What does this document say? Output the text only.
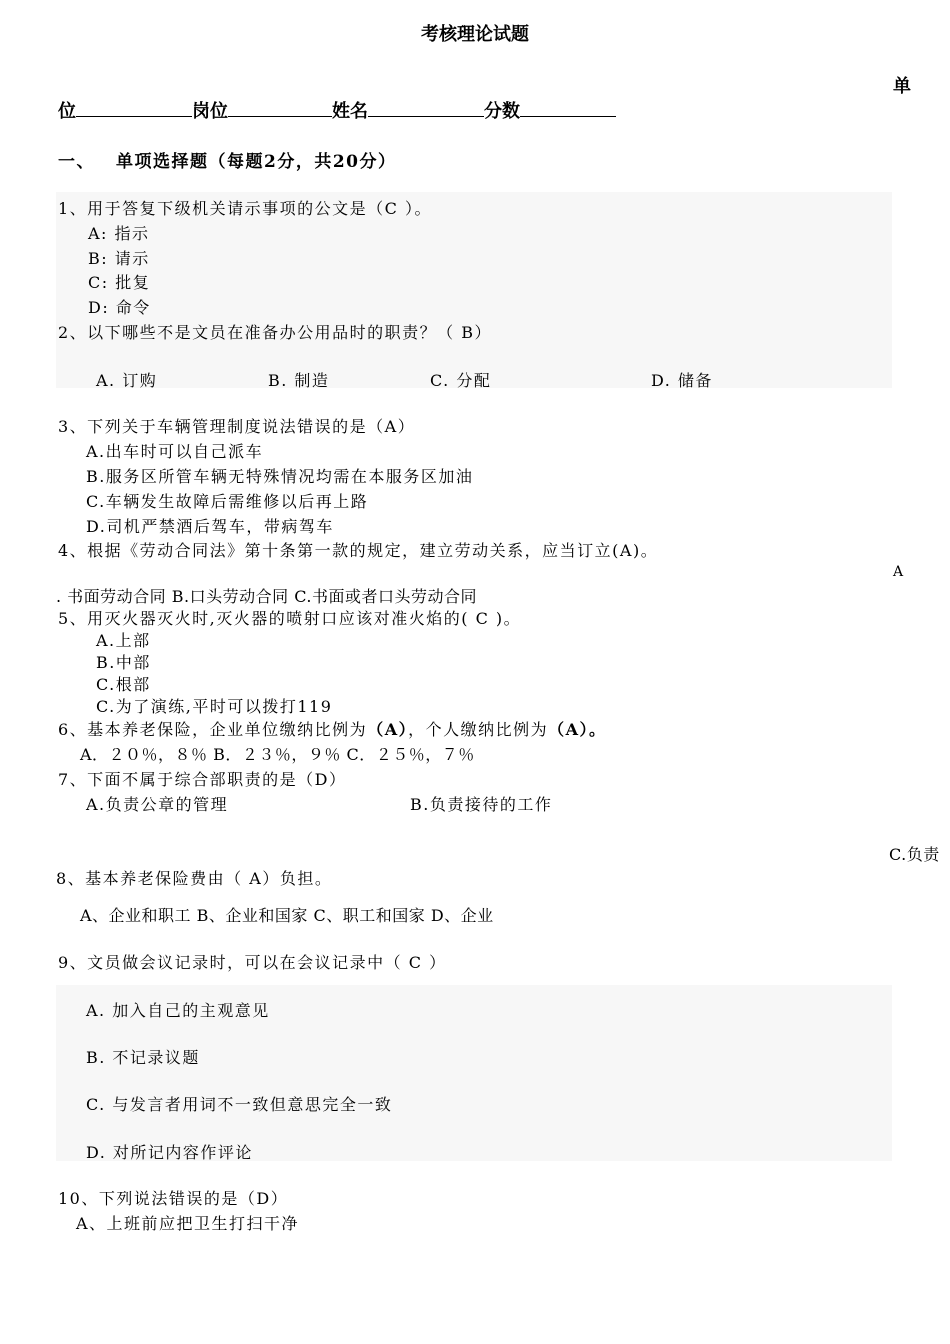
考核理论试题
单
位	岗位	姓名	分数
一、 单项选择题（每题2分，共20分）
1、用于答复下级机关请示事项的公文是（C ）。
A: 指示
B: 请示
C: 批复
D: 命令
2、以下哪些不是文员在准备办公用品时的职责？（ B）
A. 订购	B. 制造	C. 分配	D. 储备
3、下列关于车辆管理制度说法错误的是（A）
A.出车时可以自己派车
B.服务区所管车辆无特殊情况均需在本服务区加油
C.车辆发生故障后需维修以后再上路
D.司机严禁酒后驾车，带病驾车
4、根据《劳动合同法》第十条第一款的规定，建立劳动关系，应当订立(A)。
A
. 书面劳动合同 B.口头劳动合同 C.书面或者口头劳动合同
5、用灭火器灭火时,灭火器的喷射口应该对准火焰的( C )。
A.上部
B.中部
C.根部
C.为了演练,平时可以拨打119
6、基本养老保险，企业单位缴纳比例为（A），个人缴纳比例为（A）。
A．２０％，８％ B．２３％，９％ C．２５％，７％
7、下面不属于综合部职责的是（D）
A.负责公章的管理	B.负责接待的工作
C.负责
8、基本养老保险费由（ A）负担。
A、企业和职工 B、企业和国家 C、职工和国家 D、企业
9、文员做会议记录时，可以在会议记录中（ C ）
A. 加入自己的主观意见
B. 不记录议题
C. 与发言者用词不一致但意思完全一致
D. 对所记内容作评论
10、下列说法错误的是（D）
A、上班前应把卫生打扫干净
